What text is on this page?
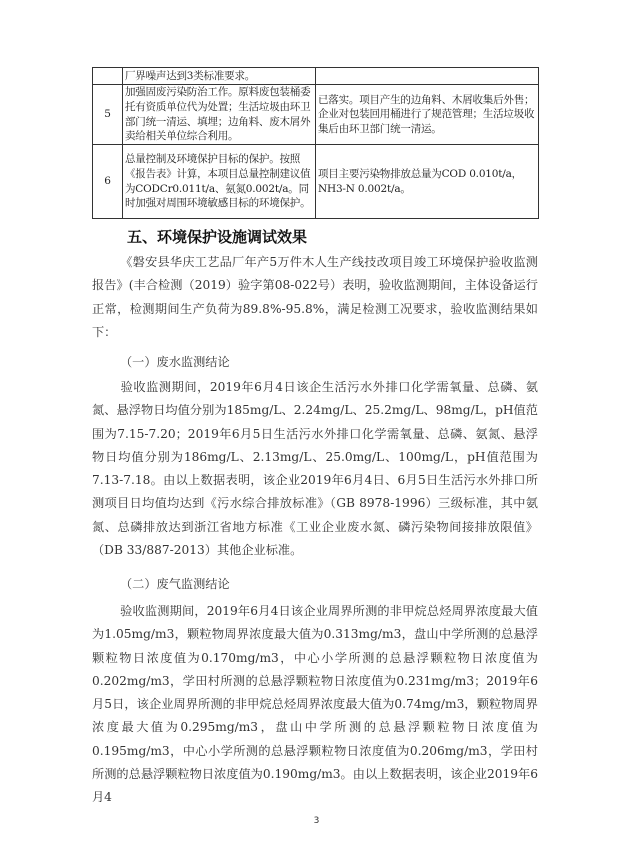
	厂界噪声达到3类标准要求。	
5	加强固废污染防治工作。原料废包装桶委托有资质单位代为处置；生活垃圾由环卫部门统一清运、填埋；边角料、废木屑外卖给相关单位综合利用。	已落实。项目产生的边角料、木屑收集后外售；企业对包装回用桶进行了规范管理；生活垃圾收集后由环卫部门统一清运。
6	总量控制及环境保护目标的保护。按照《报告表》计算，本项目总量控制建议值为CODCr0.011t/a、氨氮0.002t/a。同时加强对周围环境敏感目标的环境保护。	项目主要污染物排放总量为COD 0.010t/a，NH3-N 0.002t/a。
五、环境保护设施调试效果
《磐安县华庆工艺品厂年产5万件木人生产线技改项目竣工环境保护验收监测报告》(丰合检测（2019）验字第08-022号）表明，验收监测期间，主体设备运行正常，检测期间生产负荷为89.8%-95.8%，满足检测工况要求，验收监测结果如下：
（一）废水监测结论
验收监测期间，2019年6月4日该企生活污水外排口化学需氧量、总磷、氨氮、悬浮物日均值分别为185mg/L、2.24mg/L、25.2mg/L、98mg/L，pH值范围为7.15-7.20；2019年6月5日生活污水外排口化学需氧量、总磷、氨氮、悬浮物日均值分别为186mg/L、2.13mg/L、25.0mg/L、100mg/L，pH值范围为7.13-7.18。由以上数据表明，该企业2019年6月4日、6月5日生活污水外排口所测项目日均值均达到《污水综合排放标准》（GB 8978-1996）三级标准，其中氨氮、总磷排放达到浙江省地方标准《工业企业废水氮、磷污染物间接排放限值》（DB 33/887-2013）其他企业标准。
（二）废气监测结论
验收监测期间，2019年6月4日该企业周界所测的非甲烷总烃周界浓度最大值为1.05mg/m3，颗粒物周界浓度最大值为0.313mg/m3，盘山中学所测的总悬浮颗粒物日浓度值为0.170mg/m3，中心小学所测的总悬浮颗粒物日浓度值为0.202mg/m3，学田村所测的总悬浮颗粒物日浓度值为0.231mg/m3；2019年6月5日，该企业周界所测的非甲烷总烃周界浓度最大值为0.74mg/m3，颗粒物周界浓度最大值为0.295mg/m3，盘山中学所测的总悬浮颗粒物日浓度值为0.195mg/m3，中心小学所测的总悬浮颗粒物日浓度值为0.206mg/m3，学田村所测的总悬浮颗粒物日浓度值为0.190mg/m3。由以上数据表明，该企业2019年6月4
3
